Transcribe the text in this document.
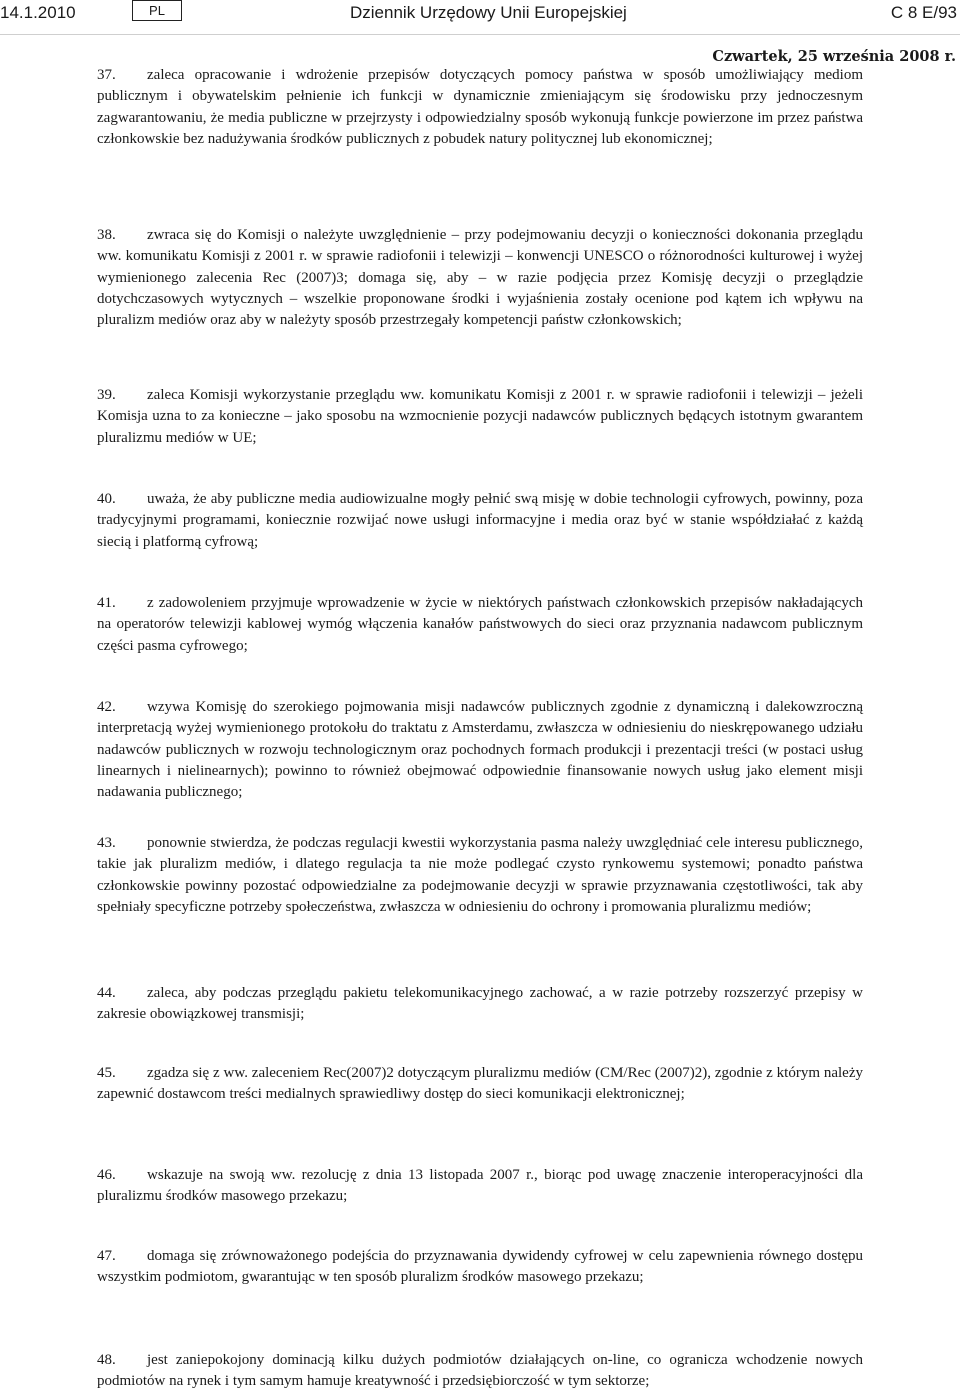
14.1.2010	PL	Dziennik Urzędowy Unii Europejskiej	C 8 E/93
Czwartek, 25 września 2008 r.

37. zaleca opracowanie i wdrożenie przepisów dotyczących pomocy państwa w sposób umożliwiający mediom publicznym i obywatelskim pełnienie ich funkcji w dynamicznie zmieniającym się środowisku przy jednoczesnym zagwarantowaniu, że media publiczne w przejrzysty i odpowiedzialny sposób wykonują funkcje powierzone im przez państwa członkowskie bez nadużywania środków publicznych z pobudek natury politycznej lub ekonomicznej;

38. zwraca się do Komisji o należyte uwzględnienie – przy podejmowaniu decyzji o konieczności dokonania przeglądu ww. komunikatu Komisji z 2001 r. w sprawie radiofonii i telewizji – konwencji UNESCO o różnorodności kulturowej i wyżej wymienionego zalecenia Rec (2007)3; domaga się, aby – w razie podjęcia przez Komisję decyzji o przeglądzie dotychczasowych wytycznych – wszelkie proponowane środki i wyjaśnienia zostały ocenione pod kątem ich wpływu na pluralizm mediów oraz aby w należyty sposób przestrzegały kompetencji państw członkowskich;

39. zaleca Komisji wykorzystanie przeglądu ww. komunikatu Komisji z 2001 r. w sprawie radiofonii i telewizji – jeżeli Komisja uzna to za konieczne – jako sposobu na wzmocnienie pozycji nadawców publicznych będących istotnym gwarantem pluralizmu mediów w UE;

40. uważa, że aby publiczne media audiowizualne mogły pełnić swą misję w dobie technologii cyfrowych, powinny, poza tradycyjnymi programami, koniecznie rozwijać nowe usługi informacyjne i media oraz być w stanie współdziałać z każdą siecią i platformą cyfrową;

41. z zadowoleniem przyjmuje wprowadzenie w życie w niektórych państwach członkowskich przepisów nakładających na operatorów telewizji kablowej wymóg włączenia kanałów państwowych do sieci oraz przyznania nadawcom publicznym części pasma cyfrowego;

42. wzywa Komisję do szerokiego pojmowania misji nadawców publicznych zgodnie z dynamiczną i dalekowzroczną interpretacją wyżej wymienionego protokołu do traktatu z Amsterdamu, zwłaszcza w odniesieniu do nieskrępowanego udziału nadawców publicznych w rozwoju technologicznym oraz pochodnych formach produkcji i prezentacji treści (w postaci usług linearnych i nielinearnych); powinno to również obejmować odpowiednie finansowanie nowych usług jako element misji nadawania publicznego;

43. ponownie stwierdza, że podczas regulacji kwestii wykorzystania pasma należy uwzględniać cele interesu publicznego, takie jak pluralizm mediów, i dlatego regulacja ta nie może podlegać czysto rynkowemu systemowi; ponadto państwa członkowskie powinny pozostać odpowiedzialne za podejmowanie decyzji w sprawie przyznawania częstotliwości, tak aby spełniały specyficzne potrzeby społeczeństwa, zwłaszcza w odniesieniu do ochrony i promowania pluralizmu mediów;

44. zaleca, aby podczas przeglądu pakietu telekomunikacyjnego zachować, a w razie potrzeby rozszerzyć przepisy w zakresie obowiązkowej transmisji;

45. zgadza się z ww. zaleceniem Rec(2007)2 dotyczącym pluralizmu mediów (CM/Rec (2007)2), zgodnie z którym należy zapewnić dostawcom treści medialnych sprawiedliwy dostęp do sieci komunikacji elektronicznej;

46. wskazuje na swoją ww. rezolucję z dnia 13 listopada 2007 r., biorąc pod uwagę znaczenie interoperacyjności dla pluralizmu środków masowego przekazu;

47. domaga się zrównoważonego podejścia do przyznawania dywidendy cyfrowej w celu zapewnienia równego dostępu wszystkim podmiotom, gwarantując w ten sposób pluralizm środków masowego przekazu;

48. jest zaniepokojony dominacją kilku dużych podmiotów działających on-line, co ogranicza wchodzenie nowych podmiotów na rynek i tym samym hamuje kreatywność i przedsiębiorczość w tym sektorze;
